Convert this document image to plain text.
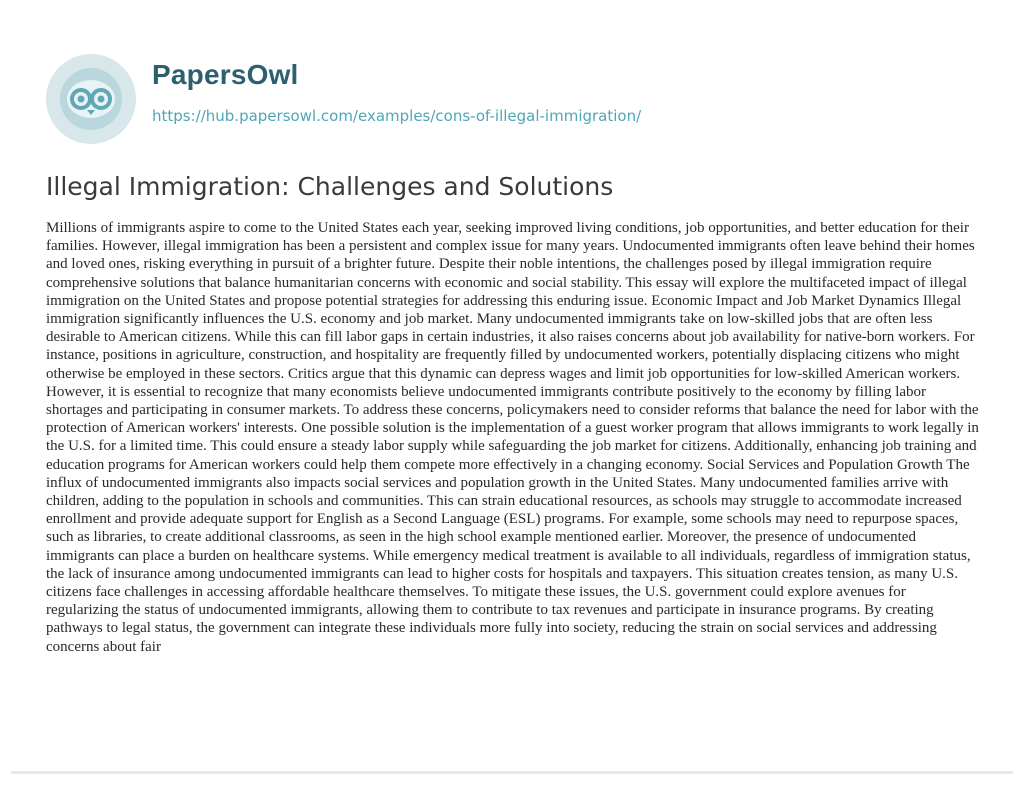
PapersOwl
https://hub.papersowl.com/examples/cons-of-illegal-immigration/
Illegal Immigration: Challenges and Solutions

Millions of immigrants aspire to come to the United States each year, seeking improved living conditions, job opportunities, and better education for their families. However, illegal immigration has been a persistent and complex issue for many years. Undocumented immigrants often leave behind their homes and loved ones, risking everything in pursuit of a brighter future. Despite their noble intentions, the challenges posed by illegal immigration require comprehensive solutions that balance humanitarian concerns with economic and social stability. This essay will explore the multifaceted impact of illegal immigration on the United States and propose potential strategies for addressing this enduring issue. Economic Impact and Job Market Dynamics Illegal immigration significantly influences the U.S. economy and job market. Many undocumented immigrants take on low-skilled jobs that are often less desirable to American citizens. While this can fill labor gaps in certain industries, it also raises concerns about job availability for native-born workers. For instance, positions in agriculture, construction, and hospitality are frequently filled by undocumented workers, potentially displacing citizens who might otherwise be employed in these sectors. Critics argue that this dynamic can depress wages and limit job opportunities for low-skilled American workers. However, it is essential to recognize that many economists believe undocumented immigrants contribute positively to the economy by filling labor shortages and participating in consumer markets. To address these concerns, policymakers need to consider reforms that balance the need for labor with the protection of American workers' interests. One possible solution is the implementation of a guest worker program that allows immigrants to work legally in the U.S. for a limited time. This could ensure a steady labor supply while safeguarding the job market for citizens. Additionally, enhancing job training and education programs for American workers could help them compete more effectively in a changing economy. Social Services and Population Growth The influx of undocumented immigrants also impacts social services and population growth in the United States. Many undocumented families arrive with children, adding to the population in schools and communities. This can strain educational resources, as schools may struggle to accommodate increased enrollment and provide adequate support for English as a Second Language (ESL) programs. For example, some schools may need to repurpose spaces, such as libraries, to create additional classrooms, as seen in the high school example mentioned earlier. Moreover, the presence of undocumented immigrants can place a burden on healthcare systems. While emergency medical treatment is available to all individuals, regardless of immigration status, the lack of insurance among undocumented immigrants can lead to higher costs for hospitals and taxpayers. This situation creates tension, as many U.S. citizens face challenges in accessing affordable healthcare themselves. To mitigate these issues, the U.S. government could explore avenues for regularizing the status of undocumented immigrants, allowing them to contribute to tax revenues and participate in insurance programs. By creating pathways to legal status, the government can integrate these individuals more fully into society, reducing the strain on social services and addressing concerns about fair
